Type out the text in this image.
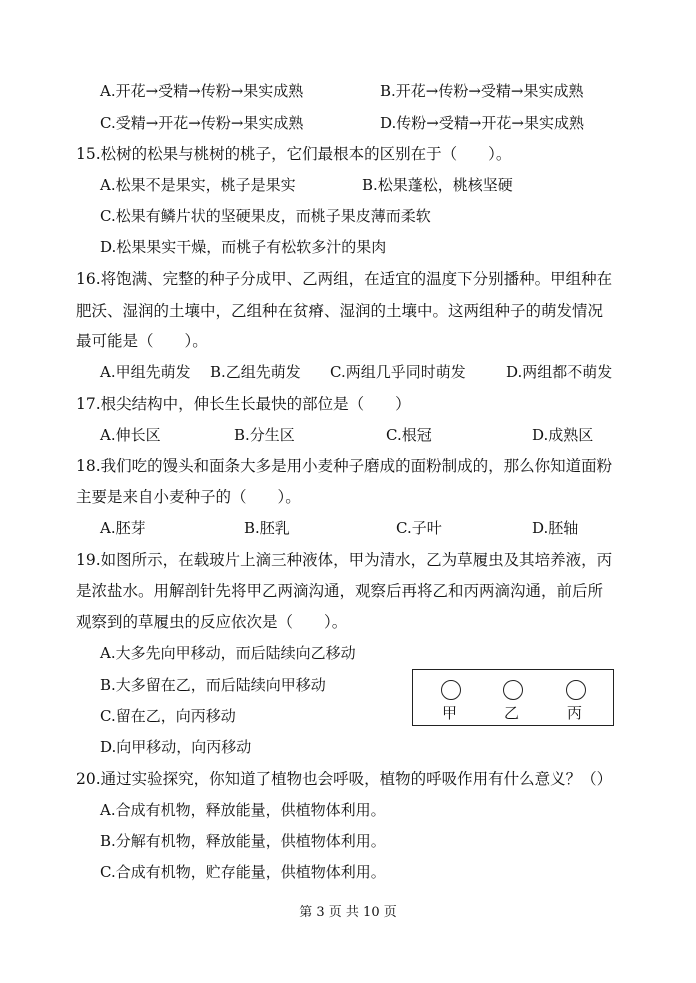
A.开花→受精→传粉→果实成熟	B.开花→传粉→受精→果实成熟
C.受精→开花→传粉→果实成熟	D.传粉→受精→开花→果实成熟
15.松树的松果与桃树的桃子，它们最根本的区别在于（　　）。
A.松果不是果实，桃子是果实	B.松果蓬松，桃核坚硬
C.松果有鳞片状的坚硬果皮，而桃子果皮薄而柔软
D.松果果实干燥，而桃子有松软多汁的果肉
16.将饱满、完整的种子分成甲、乙两组，在适宜的温度下分别播种。甲组种在
肥沃、湿润的土壤中，乙组种在贫瘠、湿润的土壤中。这两组种子的萌发情况
最可能是（　　）。
A.甲组先萌发 B.乙组先萌发 C.两组几乎同时萌发	D.两组都不萌发
17.根尖结构中，伸长生长最快的部位是（　　）
A.伸长区	B.分生区	C.根冠	D.成熟区
18.我们吃的馒头和面条大多是用小麦种子磨成的面粉制成的，那么你知道面粉
主要是来自小麦种子的（　　）。
A.胚芽	B.胚乳	C.子叶	D.胚轴
19.如图所示，在载玻片上滴三种液体，甲为清水，乙为草履虫及其培养液，丙
是浓盐水。用解剖针先将甲乙两滴沟通，观察后再将乙和丙两滴沟通，前后所
观察到的草履虫的反应依次是（　　）。
A.大多先向甲移动，而后陆续向乙移动
B.大多留在乙，而后陆续向甲移动
C.留在乙，向丙移动
D.向甲移动，向丙移动
甲	乙	丙
20.通过实验探究，你知道了植物也会呼吸，植物的呼吸作用有什么意义？（）
A.合成有机物，释放能量，供植物体利用。
B.分解有机物，释放能量，供植物体利用。
C.合成有机物，贮存能量，供植物体利用。
第 3 页 共 10 页
